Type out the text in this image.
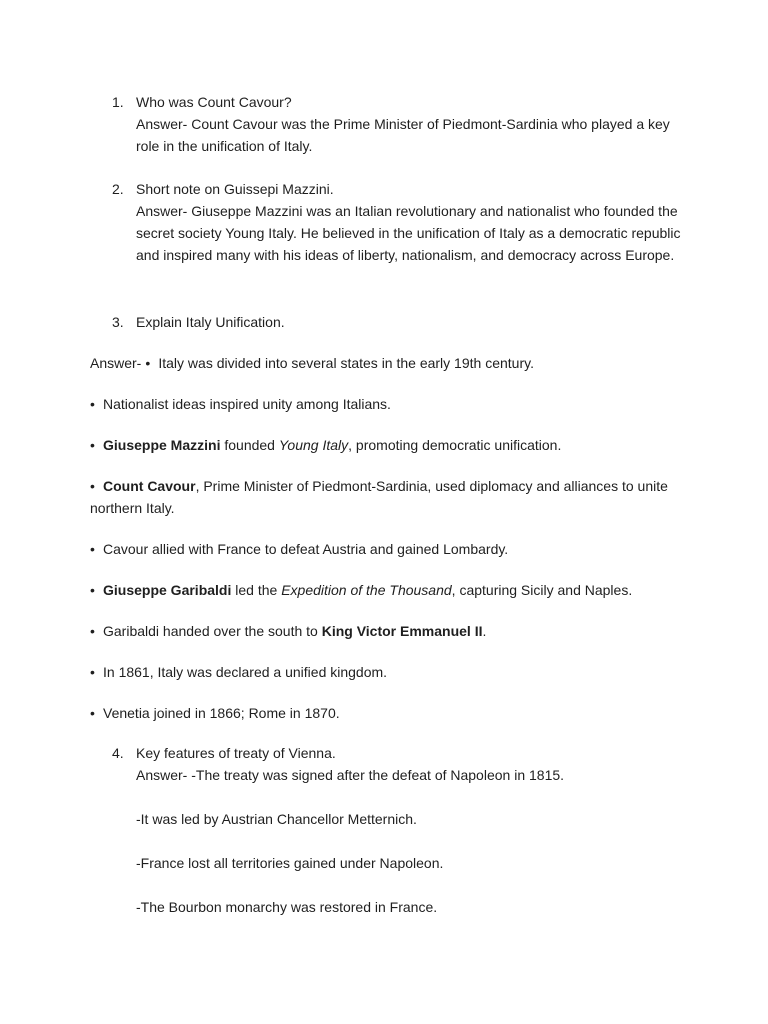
1. Who was Count Cavour?

Answer- Count Cavour was the Prime Minister of Piedmont-Sardinia who played a key role in the unification of Italy.

2. Short note on Guissepi Mazzini.

Answer- Giuseppe Mazzini was an Italian revolutionary and nationalist who founded the secret society Young Italy. He believed in the unification of Italy as a democratic republic and inspired many with his ideas of liberty, nationalism, and democracy across Europe.

3. Explain Italy Unification.

Answer- • Italy was divided into several states in the early 19th century.

• Nationalist ideas inspired unity among Italians.

• Giuseppe Mazzini founded Young Italy, promoting democratic unification.

• Count Cavour, Prime Minister of Piedmont-Sardinia, used diplomacy and alliances to unite northern Italy.

• Cavour allied with France to defeat Austria and gained Lombardy.

• Giuseppe Garibaldi led the Expedition of the Thousand, capturing Sicily and Naples.

• Garibaldi handed over the south to King Victor Emmanuel II.

• In 1861, Italy was declared a unified kingdom.

• Venetia joined in 1866; Rome in 1870.

4. Key features of treaty of Vienna.

Answer- -The treaty was signed after the defeat of Napoleon in 1815.

-It was led by Austrian Chancellor Metternich.

-France lost all territories gained under Napoleon.

-The Bourbon monarchy was restored in France.
